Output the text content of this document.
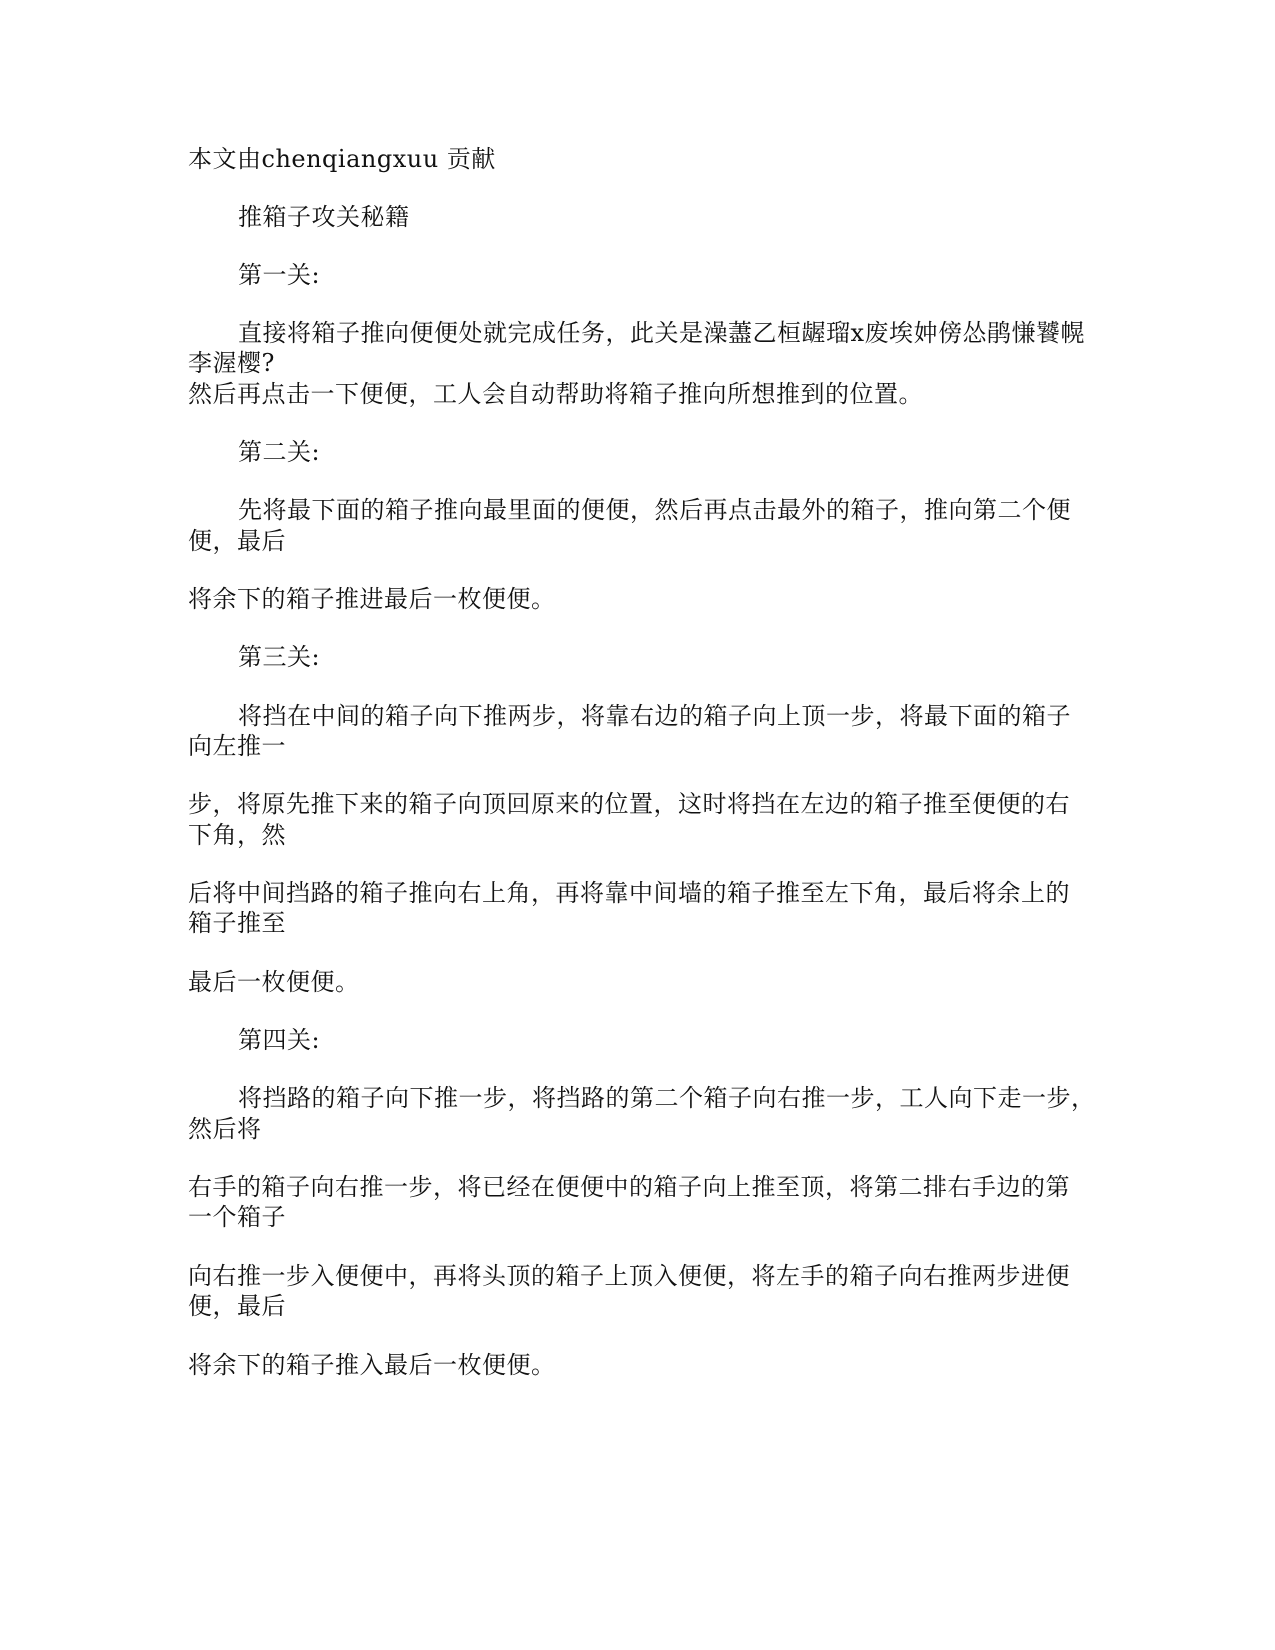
本文由chenqiangxuu 贡献
推箱子攻关秘籍
第一关:
直接将箱子推向便便处就完成任务，此关是澡藎乙桓龌瑠x废埃妕傍怂鹃慊饕幌
李渥樱?
然后再点击一下便便，工人会自动帮助将箱子推向所想推到的位置。
第二关:
先将最下面的箱子推向最里面的便便，然后再点击最外的箱子，推向第二个便
便，最后
将余下的箱子推进最后一枚便便。
第三关:
将挡在中间的箱子向下推两步，将靠右边的箱子向上顶一步，将最下面的箱子
向左推一
步，将原先推下来的箱子向顶回原来的位置，这时将挡在左边的箱子推至便便的右
下角，然
后将中间挡路的箱子推向右上角，再将靠中间墙的箱子推至左下角，最后将余上的
箱子推至
最后一枚便便。
第四关:
将挡路的箱子向下推一步，将挡路的第二个箱子向右推一步，工人向下走一步，
然后将
右手的箱子向右推一步，将已经在便便中的箱子向上推至顶，将第二排右手边的第
一个箱子
向右推一步入便便中，再将头顶的箱子上顶入便便，将左手的箱子向右推两步进便
便，最后
将余下的箱子推入最后一枚便便。
